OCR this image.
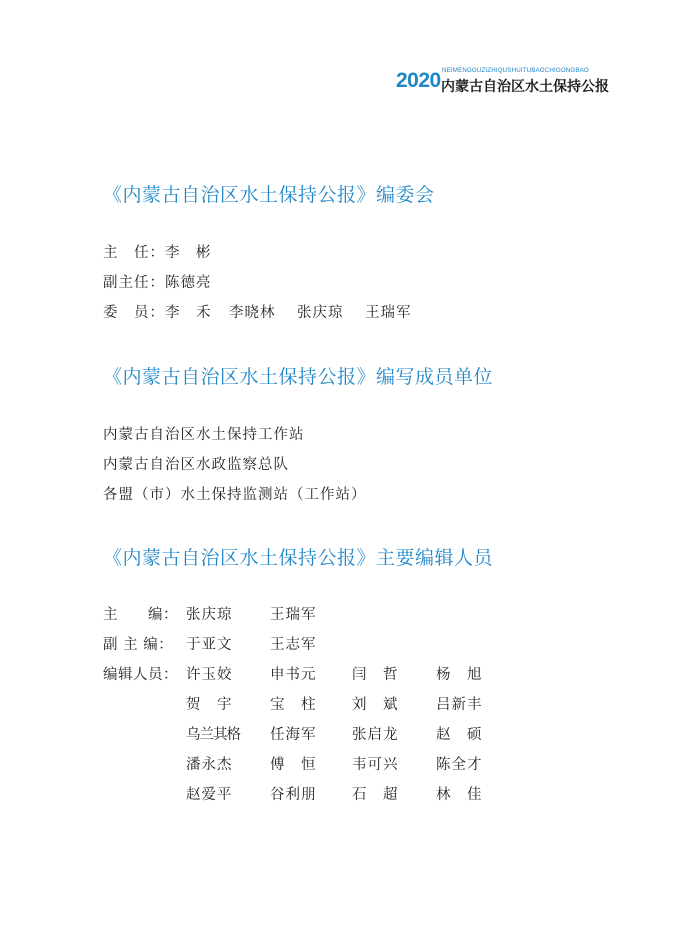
2020 NEIMENGGUZIZHIQUSHUITUBAOCHIGONGBAO
内蒙古自治区水土保持公报
《内蒙古自治区水土保持公报》编委会
主　任：李　彬
副主任：陈德亮
委　员：李　禾 李晓林 张庆琼 王瑞军
《内蒙古自治区水土保持公报》编写成员单位
内蒙古自治区水土保持工作站
内蒙古自治区水政监察总队
各盟（市）水土保持监测站（工作站）
《内蒙古自治区水土保持公报》主要编辑人员
主　　编： 张庆琼	王瑞军
副 主 编： 于亚文	王志军
编辑人员： 许玉姣	申书元 闫　哲	杨　旭
贺　宇	宝　柱 刘　斌	吕新丰
乌兰其格 任海军 张启龙	赵　硕
潘永杰	傅　恒 韦可兴	陈全才
赵爱平	谷利朋 石　超	林　佳
